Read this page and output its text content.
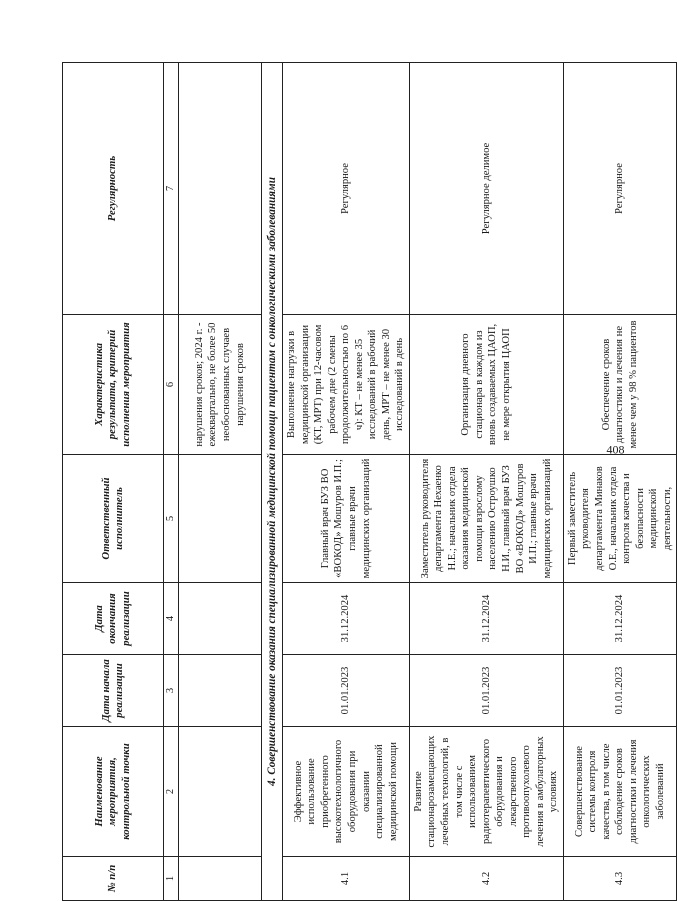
408
№ п/п	Наименование мероприятия, контрольной точки	Дата начала реализации	Дата окончания реализации	Ответственный исполнитель	Характеристика результата, критерий исполнения мероприятия	Регулярность
1	2	3	4	5	6	7
					нарушения сроков; 2024 г. - ежеквартально, не более 50 необоснованных случаев нарушения сроков	
4. Совершенствование оказания специализированной медицинской помощи пациентам с онкологическими заболеваниями						
4.1	Эффективное использование приобретенного высокотехнологичного оборудования при оказании специализированной медицинской помощи	01.01.2023	31.12.2024	Главный врач БУЗ ВО «ВОКОД» Мошуров И.П.; главные врачи медицинских организаций	Выполнение нагрузки в медицинской организации (КТ, МРТ) при 12-часовом рабочем дне (2 смены продолжительностью по 6 ч): КТ – не менее 35 исследований в рабочий день, МРТ – не менее 30 исследований в день	Регулярное
4.2	Развитие стационарозамещающих лечебных технологий, в том числе с использованием радиотерапевтического оборудования и лекарственного противоопухолевого лечения в амбулаторных условиях	01.01.2023	31.12.2024	Заместитель руководителя департамента Нехаенко Н.Е.; начальник отдела оказания медицинской помощи взрослому населению Остроушко Н.И., главный врач БУЗ ВО «ВОКОД» Мошуров И.П.; главные врачи медицинских организаций	Организация дневного стационара в каждом из вновь создаваемых ЦАОП, не мере открытия ЦАОП	Регулярное делимое
4.3	Совершенствование системы контроля качества, в том числе соблюдение сроков диагностики и лечения онкологических заболеваний	01.01.2023	31.12.2024	Первый заместитель руководителя департамента Минаков О.Е., начальник отдела контроля качества и безопасности медицинской деятельности,	Обеспечение сроков диагностики и лечения не менее чем у 98 % пациентов	Регулярное
